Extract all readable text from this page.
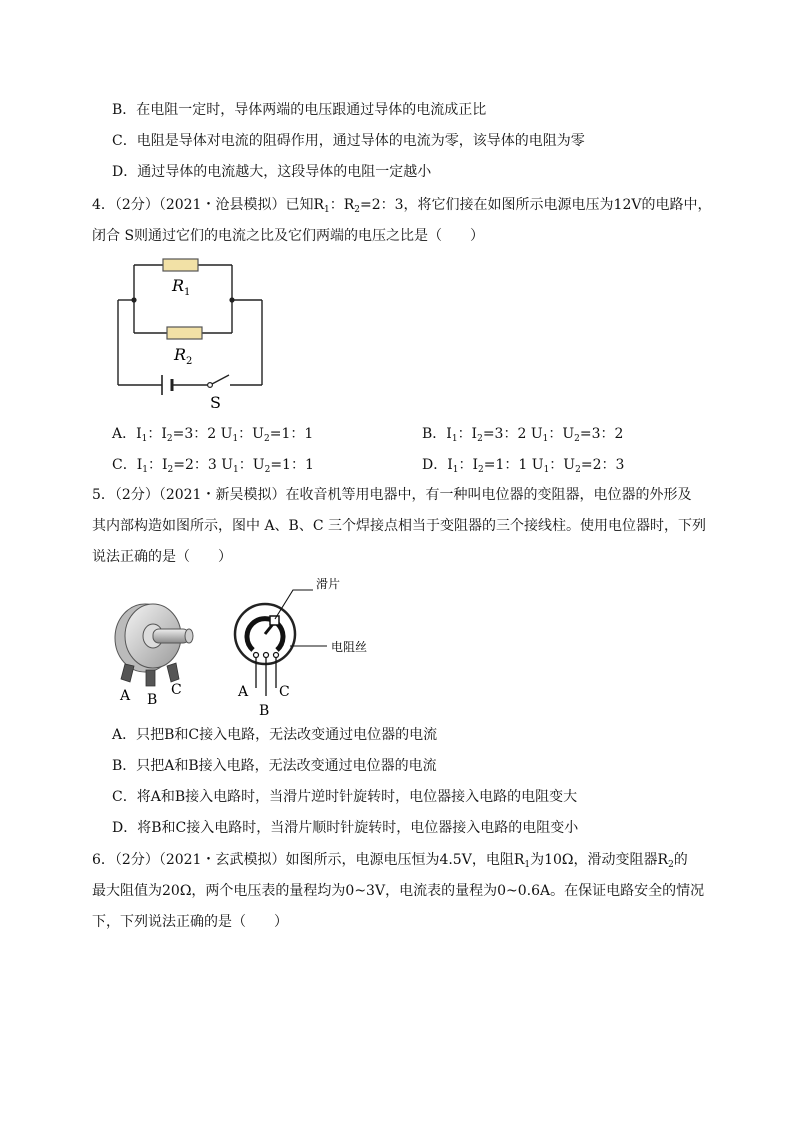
B．在电阻一定时，导体两端的电压跟通过导体的电流成正比
C．电阻是导体对电流的阻碍作用，通过导体的电流为零，该导体的电阻为零
D．通过导体的电流越大，这段导体的电阻一定越小
4．（2分）（2021・沧县模拟）已知$R_1$：$R_2=2$：3，将它们接在如图所示电源电压为12V的电路中，
闭合 S则通过它们的电流之比及它们两端的电压之比是（　　）
$R_1$
$R_2$
S
A．$I_1$：$I_2=3$：2 $U_1$：$U_2=1$：1	B．$I_1$：$I_2=3$：2 $U_1$：$U_2=3$：2
C．$I_1$：$I_2=2$：3 $U_1$：$U_2=1$：1	D．$I_1$：$I_2=1$：1 $U_1$：$U_2=2$：3
5．（2分）（2021・新吴模拟）在收音机等用电器中，有一种叫电位器的变阻器，电位器的外形及
其内部构造如图所示，图中 A、B、C 三个焊接点相当于变阻器的三个接线柱。使用电位器时，下列
说法正确的是（　　）
A B
C
滑片
电阻丝
A
B
C
A．只把B和C接入电路，无法改变通过电位器的电流
B．只把A和B接入电路，无法改变通过电位器的电流
C．将A和B接入电路时，当滑片逆时针旋转时，电位器接入电路的电阻变大
D．将B和C接入电路时，当滑片顺时针旋转时，电位器接入电路的电阻变小
6．（2分）（2021・玄武模拟）如图所示，电源电压恒为4.5V，电阻$R_1$为10Ω，滑动变阻器$R_2$的
最大阻值为20Ω，两个电压表的量程均为0~3V，电流表的量程为0~0.6A。在保证电路安全的情况
下，下列说法正确的是（　　）
